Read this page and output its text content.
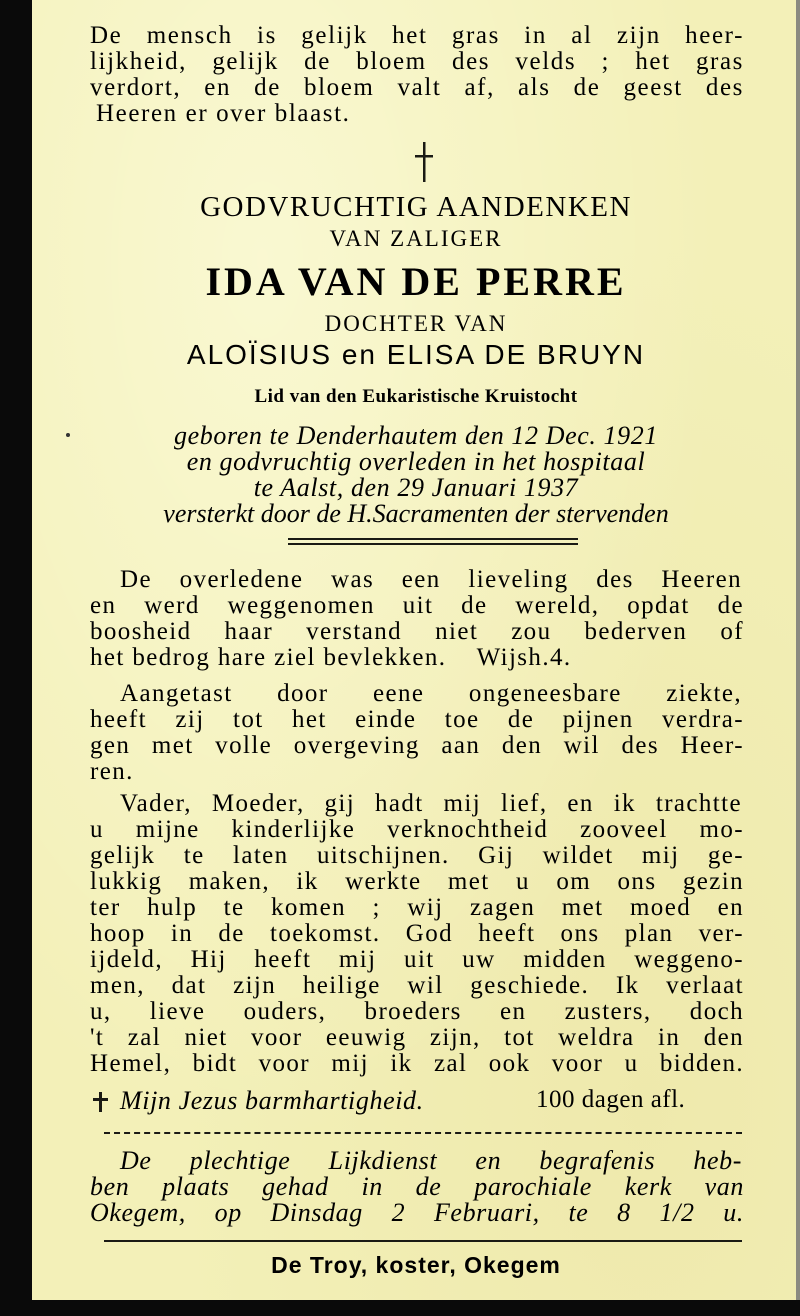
De mensch is gelijk het gras in al zijn heer-
lijkheid, gelijk de bloem des velds ; het gras
verdort, en de bloem valt af, als de geest des
Heeren er over blaast.
GODVRUCHTIG AANDENKEN
VAN ZALIGER
IDA VAN DE PERRE
DOCHTER VAN
ALOÏSIUS en ELISA DE BRUYN
Lid van den Eukaristische Kruistocht
geboren te Denderhautem den 12 Dec. 1921
en godvruchtig overleden in het hospitaal
te Aalst, den 29 Januari 1937
versterkt door de H.Sacramenten der stervenden
De overledene was een lieveling des Heeren
en werd weggenomen uit de wereld, opdat de
boosheid haar verstand niet zou bederven of
het bedrog hare ziel bevlekken.    Wijsh.4.
Aangetast door eene ongeneesbare ziekte,
heeft zij tot het einde toe de pijnen verdra-
gen met volle overgeving aan den wil des Heer-
ren.
Vader, Moeder, gij hadt mij lief, en ik trachtte
u mijne kinderlijke verknochtheid zooveel mo-
gelijk te laten uitschijnen. Gij wildet mij ge-
lukkig maken, ik werkte met u om ons gezin
ter hulp te komen ; wij zagen met moed en
hoop in de toekomst. God heeft ons plan ver-
ijdeld, Hij heeft mij uit uw midden weggeno-
men, dat zijn heilige wil geschiede. Ik verlaat
u, lieve ouders, broeders en zusters, doch
't zal niet voor eeuwig zijn, tot weldra in den
Hemel, bidt voor mij ik zal ook voor u bidden.
Mijn Jezus barmhartigheid.	100 dagen afl.
De plechtige Lijkdienst en begrafenis heb-
ben plaats gehad in de parochiale kerk van
Okegem, op Dinsdag 2 Februari, te 8 1/2 u.
De Troy, koster, Okegem
